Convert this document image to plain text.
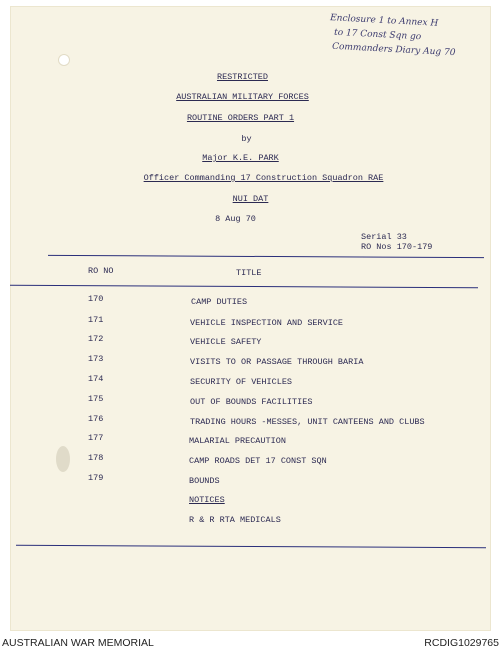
Enclosure 1 to Annex H
to 17 Const Sqn go
Commanders Diary Aug 70
RESTRICTED
AUSTRALIAN MILITARY FORCES
ROUTINE ORDERS PART 1
by
Major K.E. PARK
Officer Commanding 17 Construction Squadron RAE
NUI DAT
8 Aug 70
Serial 33
RO Nos 170-179
RO NO	TITLE
170	CAMP DUTIES
171	VEHICLE INSPECTION AND SERVICE
172	VEHICLE SAFETY
173	VISITS TO OR PASSAGE THROUGH BARIA
174	SECURITY OF VEHICLES
175	OUT OF BOUNDS FACILITIES
176	TRADING HOURS -MESSES, UNIT CANTEENS AND CLUBS
177	MALARIAL PRECAUTION
178	CAMP ROADS DET 17 CONST SQN
179	BOUNDS
NOTICES
R & R RTA MEDICALS
AUSTRALIAN WAR MEMORIAL	RCDIG1029765
